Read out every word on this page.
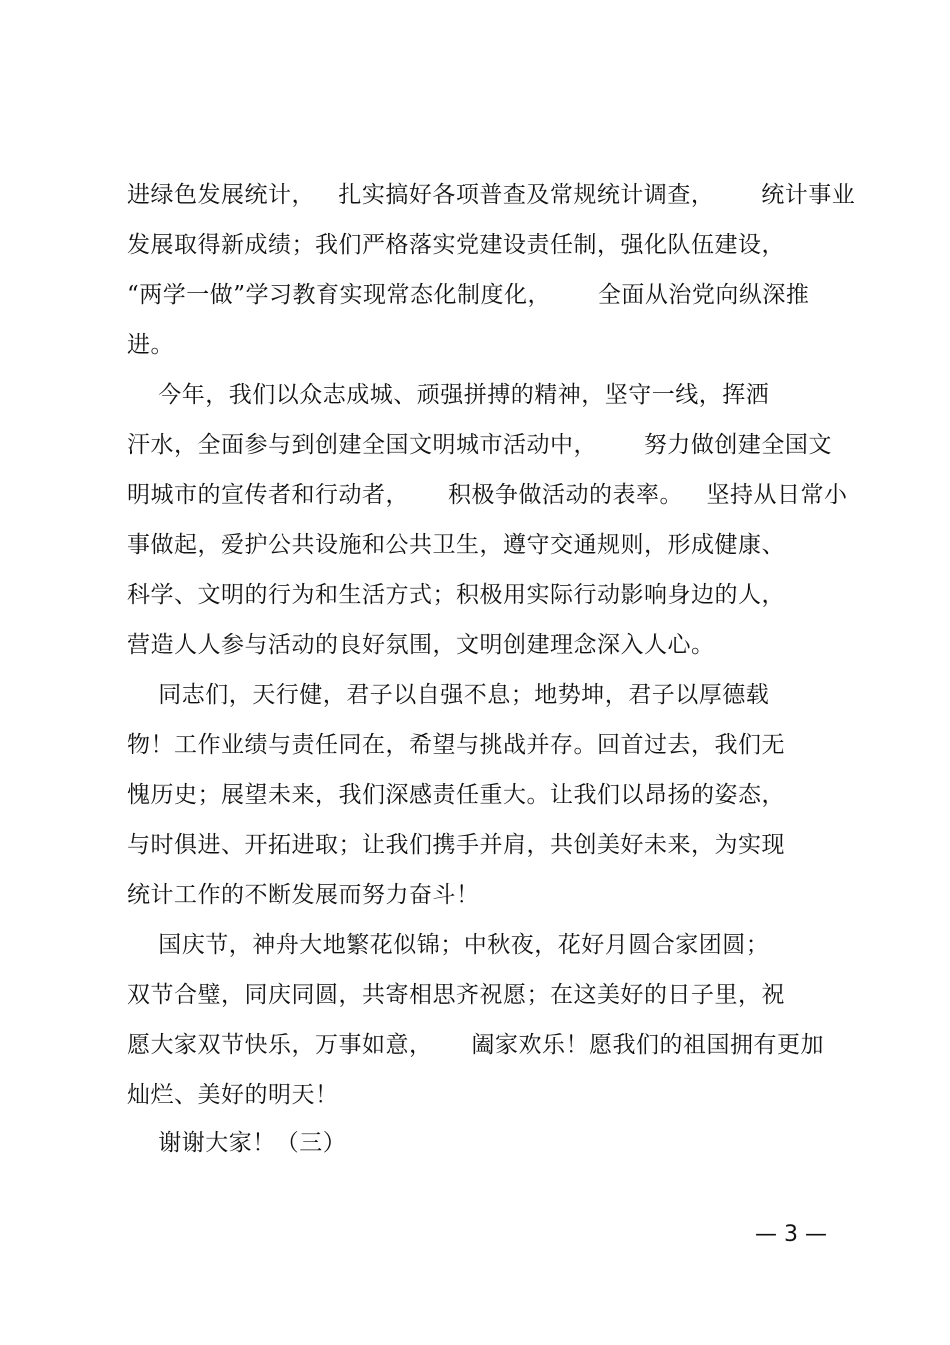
进绿色发展统计，   扎实搞好各项普查及常规统计调查，      统计事业
发展取得新成绩；我们严格落实党建设责任制，强化队伍建设，
“两学一做”学习教育实现常态化制度化，      全面从治党向纵深推
进。
今年，我们以众志成城、顽强拼搏的精神，坚守一线，挥洒
汗水，全面参与到创建全国文明城市活动中，      努力做创建全国文
明城市的宣传者和行动者，     积极争做活动的表率。   坚持从日常小
事做起，爱护公共设施和公共卫生，遵守交通规则，形成健康、
科学、文明的行为和生活方式；积极用实际行动影响身边的人，
营造人人参与活动的良好氛围，文明创建理念深入人心。
同志们，天行健，君子以自强不息；地势坤，君子以厚德载
物！工作业绩与责任同在，希望与挑战并存。回首过去，我们无
愧历史；展望未来，我们深感责任重大。让我们以昂扬的姿态，
与时俱进、开拓进取；让我们携手并肩，共创美好未来，为实现
统计工作的不断发展而努力奋斗！
国庆节，神舟大地繁花似锦；中秋夜，花好月圆合家团圆；
双节合璧，同庆同圆，共寄相思齐祝愿；在这美好的日子里，祝
愿大家双节快乐，万事如意，     阖家欢乐！愿我们的祖国拥有更加
灿烂、美好的明天！
谢谢大家！（三）
— 3 —
